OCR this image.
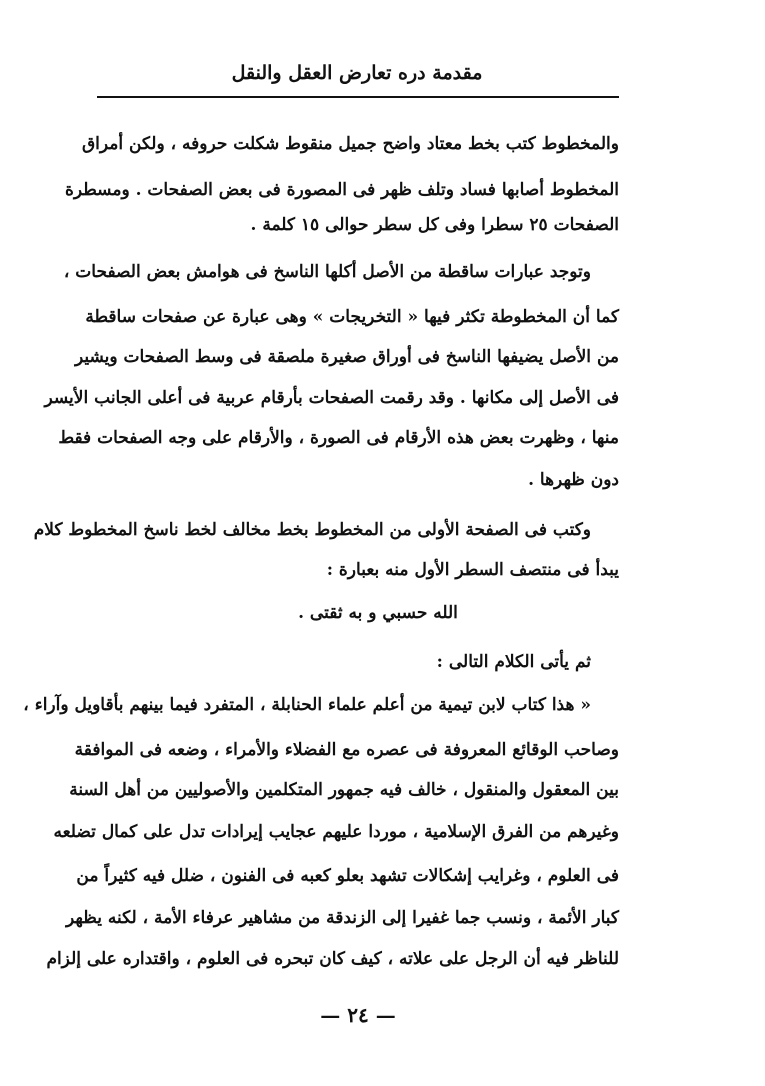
مقدمة دره تعارض العقل والنقل
والمخطوط كتب بخط معتاد واضح جميل منقوط شكلت حروفه ، ولكن أمراق
المخطوط أصابها فساد وتلف ظهر فى المصورة فى بعض الصفحات . ومسطرة
الصفحات ٢٥ سطرا وفى كل سطر حوالى ١٥ كلمة .
وتوجد عبارات ساقطة من الأصل أكلها الناسخ فى هوامش بعض الصفحات ،
كما أن المخطوطة تكثر فيها « التخريجات » وهى عبارة عن صفحات ساقطة
من الأصل يضيفها الناسخ فى أوراق صغيرة ملصقة فى وسط الصفحات ويشير
فى الأصل إلى مكانها . وقد رقمت الصفحات بأرقام عربية فى أعلى الجانب الأيسر
منها ، وظهرت بعض هذه الأرقام فى الصورة ، والأرقام على وجه الصفحات فقط
دون ظهرها .
وكتب فى الصفحة الأولى من المخطوط بخط مخالف لخط ناسخ المخطوط كلام
يبدأ فى منتصف السطر الأول منه بعبارة :
الله حسبي و به ثقتى .
ثم يأتى الكلام التالى :
« هذا كتاب لابن تيمية من أعلم علماء الحنابلة ، المتفرد فيما بينهم بأقاويل وآراء ،
وصاحب الوقائع المعروفة فى عصره مع الفضلاء والأمراء ، وضعه فى الموافقة
بين المعقول والمنقول ، خالف فيه جمهور المتكلمين والأصوليين من أهل السنة
وغيرهم من الفرق الإسلامية ، موردا عليهم عجايب إيرادات تدل على كمال تضلعه
فى العلوم ، وغرايب إشكالات تشهد بعلو كعبه فى الفنون ، ضلل فيه كثيراً من
كبار الأئمة ، ونسب جما غفيرا إلى الزندقة من مشاهير عرفاء الأمة ، لكنه يظهر
للناظر فيه أن الرجل على علاته ، كيف كان تبحره فى العلوم ، واقتداره على إلزام
— ٢٤ —
